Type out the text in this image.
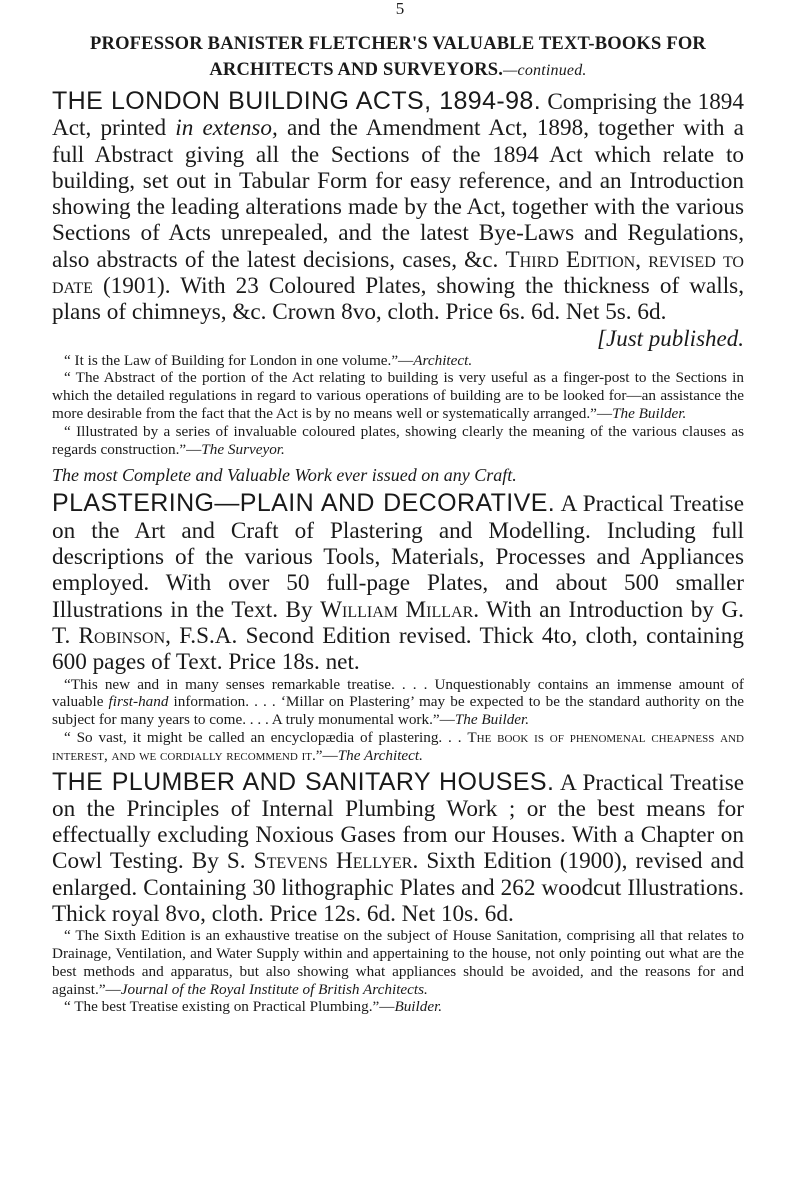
5
PROFESSOR BANISTER FLETCHER'S VALUABLE TEXT-BOOKS FOR ARCHITECTS AND SURVEYORS.—continued.

THE LONDON BUILDING ACTS, 1894-98. Comprising the 1894 Act, printed in extenso, and the Amendment Act, 1898, together with a full Abstract giving all the Sections of the 1894 Act which relate to building, set out in Tabular Form for easy reference, and an Introduction showing the leading alterations made by the Act, together with the various Sections of Acts unrepealed, and the latest Bye-Laws and Regulations, also abstracts of the latest decisions, cases, &c. Third Edition, revised to date (1901). With 23 Coloured Plates, showing the thickness of walls, plans of chimneys, &c. Crown 8vo, cloth. Price 6s. 6d. Net 5s. 6d.

[Just published.

“ It is the Law of Building for London in one volume.”—Architect.

“ The Abstract of the portion of the Act relating to building is very useful as a finger-post to the Sections in which the detailed regulations in regard to various operations of building are to be looked for—an assistance the more desirable from the fact that the Act is by no means well or systematically arranged.”—The Builder.

“ Illustrated by a series of invaluable coloured plates, showing clearly the meaning of the various clauses as regards construction.”—The Surveyor.

The most Complete and Valuable Work ever issued on any Craft.

PLASTERING—PLAIN AND DECORATIVE. A Practical Treatise on the Art and Craft of Plastering and Modelling. Including full descriptions of the various Tools, Materials, Processes and Appliances employed. With over 50 full-page Plates, and about 500 smaller Illustrations in the Text. By William Millar. With an Introduction by G. T. Robinson, F.S.A. Second Edition revised. Thick 4to, cloth, containing 600 pages of Text. Price 18s. net.

“This new and in many senses remarkable treatise. . . . Unquestionably contains an immense amount of valuable first-hand information. . . . ‘Millar on Plastering’ may be expected to be the standard authority on the subject for many years to come. . . . A truly monumental work.”—The Builder.

“ So vast, it might be called an encyclopædia of plastering. . . The book is of phenomenal cheapness and interest, and we cordially recommend it.”—The Architect.

THE PLUMBER AND SANITARY HOUSES. A Practical Treatise on the Principles of Internal Plumbing Work ; or the best means for effectually excluding Noxious Gases from our Houses. With a Chapter on Cowl Testing. By S. Stevens Hellyer. Sixth Edition (1900), revised and enlarged. Containing 30 lithographic Plates and 262 woodcut Illustrations. Thick royal 8vo, cloth. Price 12s. 6d. Net 10s. 6d.

“ The Sixth Edition is an exhaustive treatise on the subject of House Sanitation, comprising all that relates to Drainage, Ventilation, and Water Supply within and appertaining to the house, not only pointing out what are the best methods and apparatus, but also showing what appliances should be avoided, and the reasons for and against.”—Journal of the Royal Institute of British Architects.

“ The best Treatise existing on Practical Plumbing.”—Builder.
